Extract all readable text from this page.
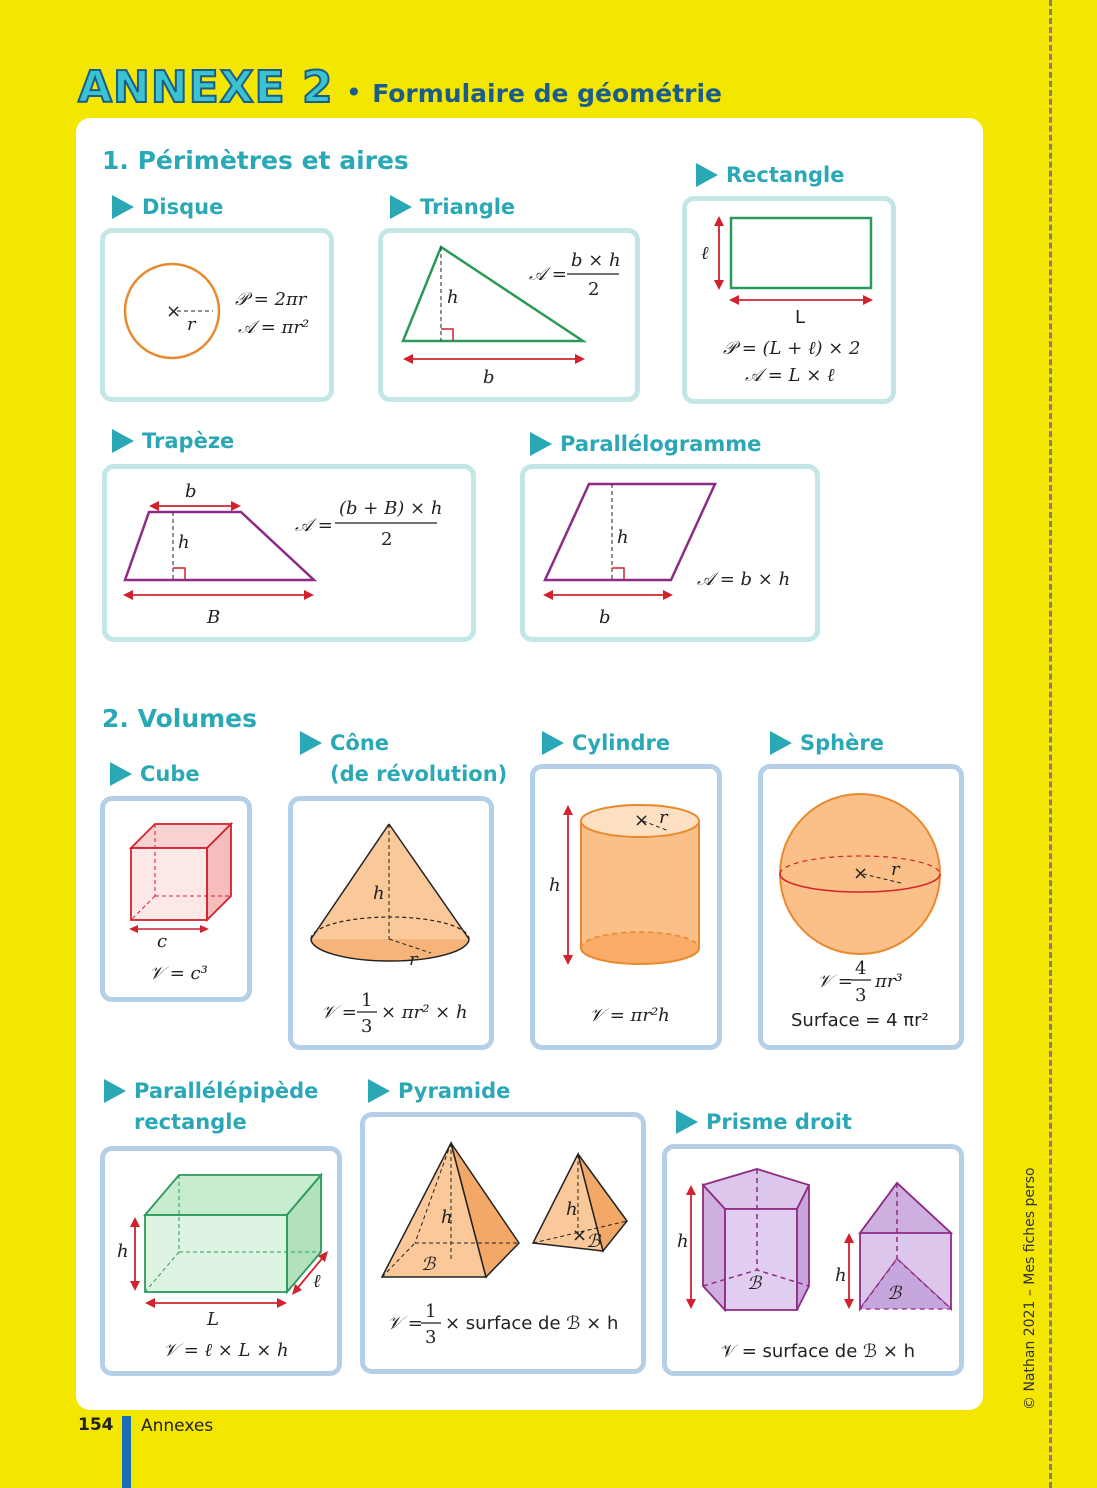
ANNEXE 2 • Formulaire de géométrie
1. Périmètres et aires
Disque
×
r
𝒫 = 2πr
𝒜 = πr²
Triangle
h
b
𝒜 =
b × h
2
Rectangle
ℓ
L
𝒫 = (L + ℓ) × 2
𝒜 = L × ℓ
Trapèze
b
h
B
𝒜 =
(b + B) × h
2
Parallélogramme
h
b
𝒜 = b × h
2. Volumes
Cube
c
𝒱 = c³
Cône
(de révolution)
h
r
𝒱 =
1
3
× πr² × h
Cylindre
× r
h
𝒱 = πr²h
Sphère
× r
𝒱 =
4
3
πr³
Surface = 4 πr²
Parallélépipède
rectangle
h
L
ℓ
𝒱 = ℓ × L × h
Pyramide
h
ℬ
h
×
ℬ
𝒱 =
1
3
× surface de ℬ × h
Prisme droit
h
ℬ	h
ℬ
𝒱 = surface de ℬ × h	© Nathan 2021 – Mes fiches perso
154 Annexes
